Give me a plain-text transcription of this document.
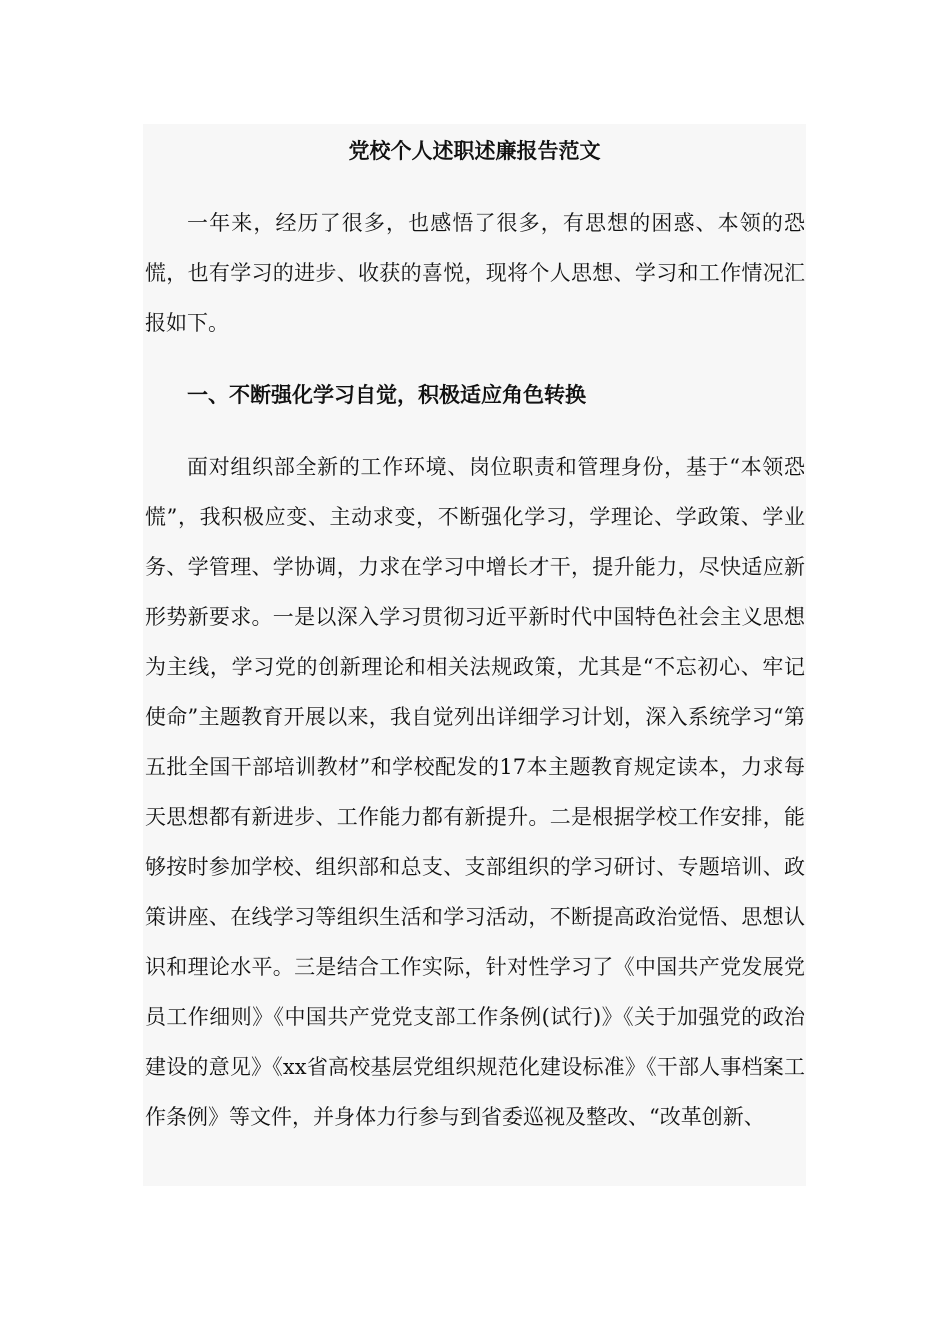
党校个人述职述廉报告范文

一年来，经历了很多，也感悟了很多，有思想的困惑、本领的恐慌，也有学习的进步、收获的喜悦，现将个人思想、学习和工作情况汇报如下。

一、不断强化学习自觉，积极适应角色转换

面对组织部全新的工作环境、岗位职责和管理身份，基于“本领恐慌”，我积极应变、主动求变，不断强化学习，学理论、学政策、学业务、学管理、学协调，力求在学习中增长才干，提升能力，尽快适应新形势新要求。一是以深入学习贯彻习近平新时代中国特色社会主义思想为主线，学习党的创新理论和相关法规政策，尤其是“不忘初心、牢记使命”主题教育开展以来，我自觉列出详细学习计划，深入系统学习“第五批全国干部培训教材”和学校配发的17本主题教育规定读本，力求每天思想都有新进步、工作能力都有新提升。二是根据学校工作安排，能够按时参加学校、组织部和总支、支部组织的学习研讨、专题培训、政策讲座、在线学习等组织生活和学习活动，不断提高政治觉悟、思想认识和理论水平。三是结合工作实际，针对性学习了《中国共产党发展党员工作细则》《中国共产党党支部工作条例(试行)》《关于加强党的政治建设的意见》《xx省高校基层党组织规范化建设标准》《干部人事档案工作条例》等文件，并身体力行参与到省委巡视及整改、“改革创新、
